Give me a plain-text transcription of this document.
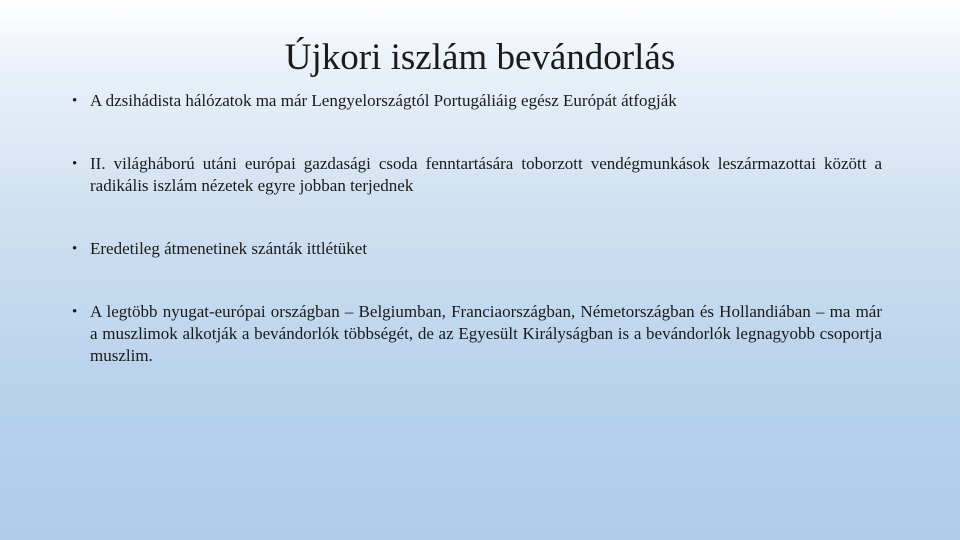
Újkori iszlám bevándorlás
• A dzsihádista hálózatok ma már Lengyelországtól Portugáliáig egész Európát átfogják
• II. világháború utáni európai gazdasági csoda fenntartására toborzott vendégmunkások leszármazottai között a radikális iszlám nézetek egyre jobban terjednek
• Eredetileg átmenetinek szánták ittlétüket
• A legtöbb nyugat-európai országban – Belgiumban, Franciaországban, Németországban és Hollandiában – ma már a muszlimok alkotják a bevándorlók többségét, de az Egyesült Királyságban is a bevándorlók legnagyobb csoportja muszlim.
